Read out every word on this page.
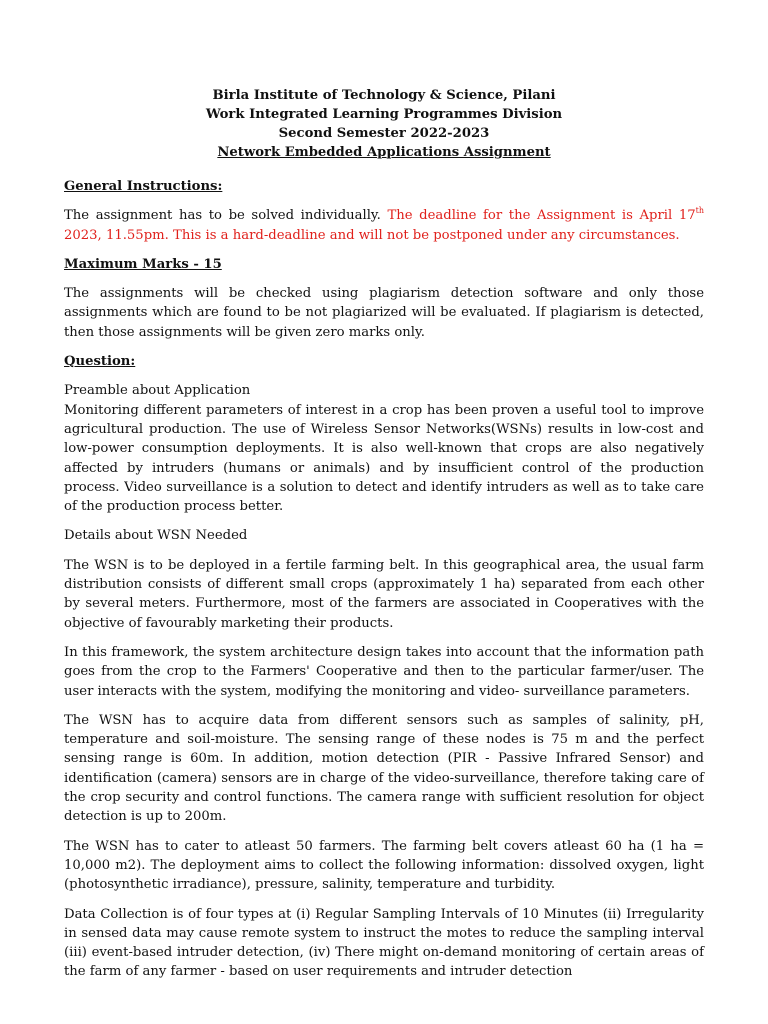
Birla Institute of Technology & Science, Pilani
Work Integrated Learning Programmes Division
Second Semester 2022-2023
Network Embedded Applications Assignment
General Instructions:

The assignment has to be solved individually. The deadline for the Assignment is April 17th 2023, 11.55pm. This is a hard-deadline and will not be postponed under any circumstances.

Maximum Marks - 15

The assignments will be checked using plagiarism detection software and only those assignments which are found to be not plagiarized will be evaluated. If plagiarism is detected, then those assignments will be given zero marks only.

Question:

Preamble about Application

Monitoring different parameters of interest in a crop has been proven a useful tool to improve agricultural production. The use of Wireless Sensor Networks(WSNs) results in low-cost and low-power consumption deployments. It is also well-known that crops are also negatively affected by intruders (humans or animals) and by insufficient control of the production process. Video surveillance is a solution to detect and identify intruders as well as to take care of the production process better.

Details about WSN Needed

The WSN is to be deployed in a fertile farming belt. In this geographical area, the usual farm distribution consists of different small crops (approximately 1 ha) separated from each other by several meters. Furthermore, most of the farmers are associated in Cooperatives with the objective of favourably marketing their products.

In this framework, the system architecture design takes into account that the information path goes from the crop to the Farmers' Cooperative and then to the particular farmer/user. The user interacts with the system, modifying the monitoring and video- surveillance parameters.

The WSN has to acquire data from different sensors such as samples of salinity, pH, temperature and soil-moisture. The sensing range of these nodes is 75 m and the perfect sensing range is 60m. In addition, motion detection (PIR - Passive Infrared Sensor) and identification (camera) sensors are in charge of the video-surveillance, therefore taking care of the crop security and control functions. The camera range with sufficient resolution for object detection is up to 200m.

The WSN has to cater to atleast 50 farmers. The farming belt covers atleast 60 ha (1 ha = 10,000 m2). The deployment aims to collect the following information: dissolved oxygen, light (photosynthetic irradiance), pressure, salinity, temperature and turbidity.

Data Collection is of four types at (i) Regular Sampling Intervals of 10 Minutes (ii) Irregularity in sensed data may cause remote system to instruct the motes to reduce the sampling interval (iii) event-based intruder detection, (iv) There might on-demand monitoring of certain areas of the farm of any farmer - based on user requirements and intruder detection
